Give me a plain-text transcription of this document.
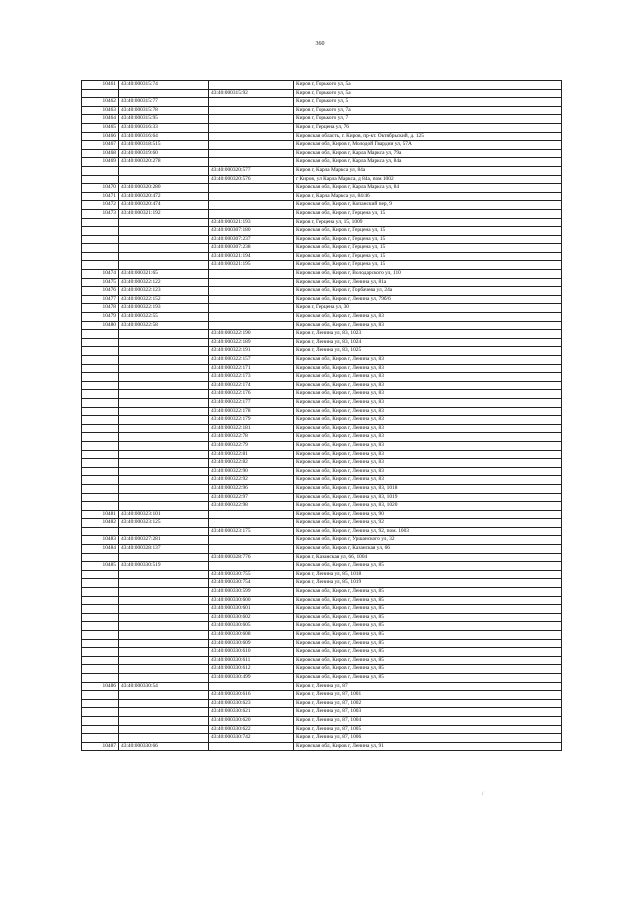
360
10461	43:40:000315:74		Киров г, Горького ул, 5а
		43:40:000315:92	Киров г, Горького ул, 5а
10462	43:40:000315:77		Киров г, Горького ул, 5
10463	43:40:000315:78		Киров г, Горького ул, 7а
10464	43:40:000315:95		Киров г, Горького ул, 7
10465	43:40:000316:33		Киров г, Герцена ул, 76
10466	43:40:000316:64		Кировская область, г. Киров, пр-кт. Октябрьский, д. 125
10467	43:40:000318:515		Кировская обл, Киров г, Молодой Гвардии ул, 57А
10468	43:40:000319:60		Кировская обл, Киров г, Карла Маркса ул, 79а
10469	43:40:000320:278		Кировская обл, Киров г, Карла Маркса ул, 84а
		43:40:000320:577	Киров г, Карла Маркса ул, 84а
		43:40:000320:576	г Киров, ул Карла Маркса, д 84а, пом 1002
10470	43:40:000320:280		Кировская обл, Киров г, Карла Маркса ул, 84
10471	43:40:000320:472		Киров г, Карла Маркса ул, 84/46
10472	43:40:000320:474		Кировская обл, Киров г, Копанский пер, 9
10473	43:40:000321:192		Кировская обл, Киров г, Герцена ул, 15
		43:40:000321:193	Киров г, Герцена ул, 15, 1009
		43:40:000307:180	Кировская обл, Киров г, Герцена ул, 15
		43:40:000307:237	Кировская обл, Киров г, Герцена ул, 15
		43:40:000307:238	Кировская обл, Киров г, Герцена ул, 15
		43:40:000321:194	Кировская обл, Киров г, Герцена ул, 15
		43:40:000321:195	Кировская обл, Киров г, Герцена ул, 15
10474	43:40:000321:65		Кировская обл, Киров г, Володарского ул, 110
10475	43:40:000322:122		Кировская обл, Киров г, Ленина ул, 81а
10476	43:40:000322:123		Кировская обл, Киров г, Горбачева ул, 24а
10477	43:40:000322:152		Кировская обл, Киров г, Ленина ул, 79б/6
10478	43:40:000322:193		Киров г, Герцена ул, 30
10479	43:40:000322:55		Кировская обл, Киров г, Ленина ул, 83
10480	43:40:000322:58		Кировская обл, Киров г, Ленина ул, 83
		43:40:000322:190	Киров г, Ленина ул, 83, 1023
		43:40:000322:189	Киров г, Ленина ул, 83, 1024
		43:40:000322:191	Киров г, Ленина ул, 83, 1025
		43:40:000322:157	Кировская обл, Киров г, Ленина ул, 83
		43:40:000322:171	Кировская обл, Киров г, Ленина ул, 83
		43:40:000322:173	Кировская обл, Киров г, Ленина ул, 83
		43:40:000322:174	Кировская обл, Киров г, Ленина ул, 83
		43:40:000322:176	Кировская обл, Киров г, Ленина ул, 83
		43:40:000322:177	Кировская обл, Киров г, Ленина ул, 83
		43:40:000322:178	Кировская обл, Киров г, Ленина ул, 83
		43:40:000322:179	Кировская обл, Киров г, Ленина ул, 83
		43:40:000322:181	Кировская обл, Киров г, Ленина ул, 83
		43:40:000322:78	Кировская обл, Киров г, Ленина ул, 83
		43:40:000322:79	Кировская обл, Киров г, Ленина ул, 83
		43:40:000322:81	Кировская обл, Киров г, Ленина ул, 83
		43:40:000322:82	Кировская обл, Киров г, Ленина ул, 83
		43:40:000322:90	Кировская обл, Киров г, Ленина ул, 83
		43:40:000322:92	Кировская обл, Киров г, Ленина ул, 83
		43:40:000322:96	Кировская обл, Киров г, Ленина ул, 83, 1018
		43:40:000322:97	Кировская обл, Киров г, Ленина ул, 83, 1019
		43:40:000322:98	Кировская обл, Киров г, Ленина ул, 83, 1020
10481	43:40:000323:101		Кировская обл, Киров г, Ленина ул, 90
10482	43:40:000323:125		Кировская обл, Киров г, Ленина ул, 92
		43:40:000323:175	Кировская обл, Киров г, Ленина ул, 92, пом. 1003
10483	43:40:000327:281		Кировская обл, Киров г, Уршанского ул, 32
10484	43:40:000328:137		Кировская обл, Киров г, Казанская ул, 66
		43:40:000328:776	Киров г, Казанская ул, 66, 1004
10485	43:40:000330:519		Кировская обл, Киров г, Ленина ул, 85
		43:40:000330:755	Киров г, Ленина ул, 85, 1018
		43:40:000330:754	Киров г, Ленина ул, 85, 1019
		43:40:000330:599	Кировская обл, Киров г, Ленина ул, 85
		43:40:000330:600	Кировская обл, Киров г, Ленина ул, 85
		43:40:000330:601	Кировская обл, Киров г, Ленина ул, 85
		43:40:000330:602	Кировская обл, Киров г, Ленина ул, 85
		43:40:000330:605	Кировская обл, Киров г, Ленина ул, 85
		43:40:000330:608	Кировская обл, Киров г, Ленина ул, 85
		43:40:000330:609	Кировская обл, Киров г, Ленина ул, 85
		43:40:000330:610	Кировская обл, Киров г, Ленина ул, 85
		43:40:000330:611	Кировская обл, Киров г, Ленина ул, 85
		43:40:000330:612	Кировская обл, Киров г, Ленина ул, 85
		43:40:000330:499	Кировская обл, Киров г, Ленина ул, 85
10486	43:40:000330:54		Киров г, Ленина ул, 87
		43:40:000330:616	Киров г, Ленина ул, 87, 1001
		43:40:000330:623	Киров г, Ленина ул, 87, 1002
		43:40:000330:621	Киров г, Ленина ул, 87, 1003
		43:40:000330:620	Киров г, Ленина ул, 87, 1004
		43:40:000330:622	Киров г, Ленина ул, 87, 1005
		43:40:000330:742	Киров г, Ленина ул, 87, 1006
10487	43:40:000330:66		Кировская обл, Киров г, Ленина ул, 91
/
